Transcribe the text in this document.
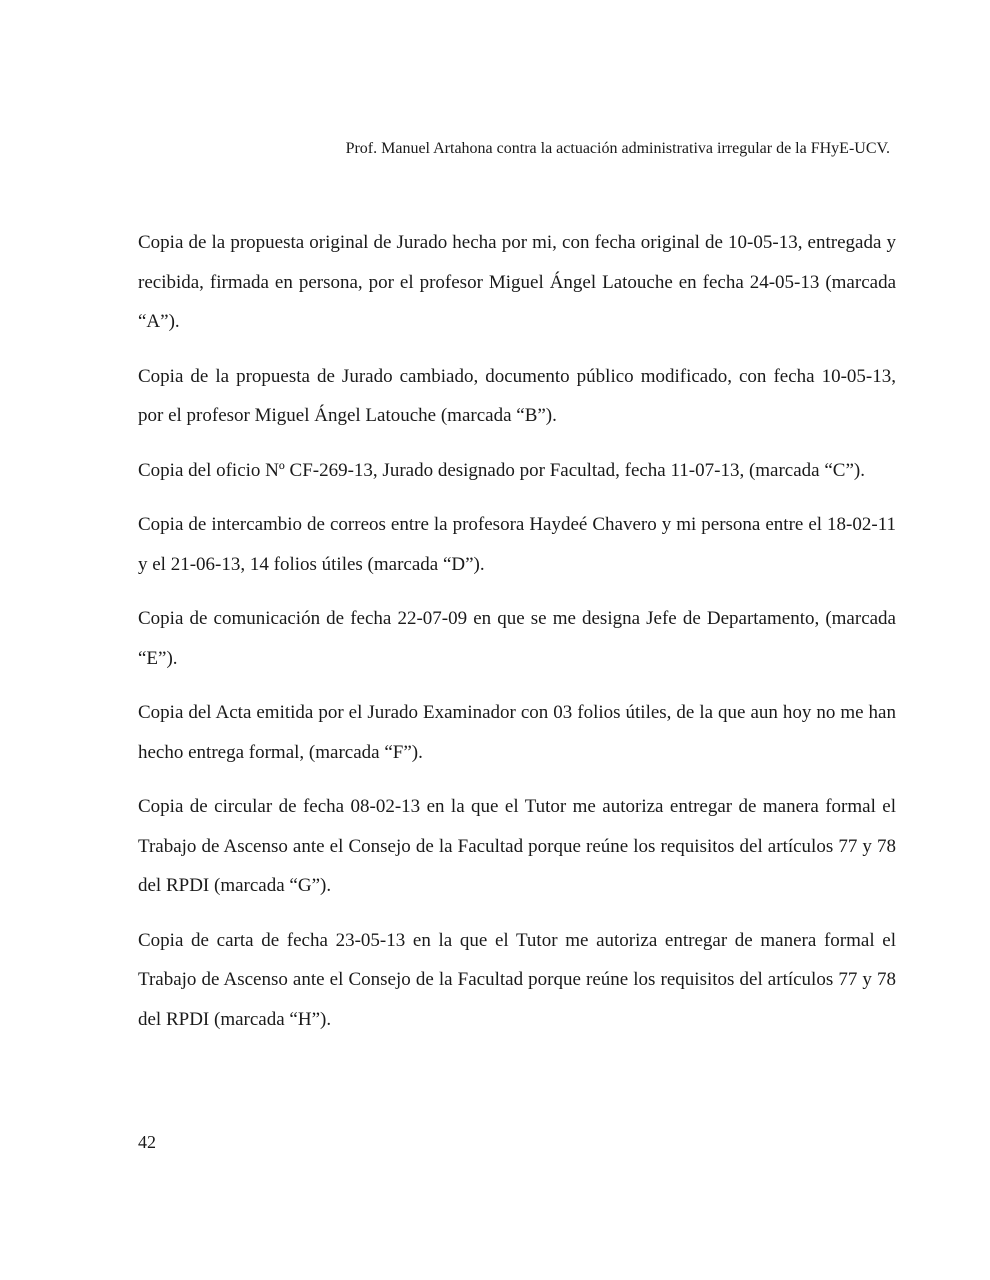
Prof. Manuel Artahona contra la actuación administrativa irregular de la FHyE-UCV.

Copia de la propuesta original de Jurado hecha por mi, con fecha original de 10-05-13, entregada y recibida, firmada en persona, por el profesor Miguel Ángel Latouche en fecha 24-05-13 (marcada “A”).

Copia de la propuesta de Jurado cambiado, documento público modificado, con fecha 10-05-13, por el profesor Miguel Ángel Latouche (marcada “B”).

Copia del oficio Nº CF-269-13, Jurado designado por Facultad, fecha 11-07-13, (marcada “C”).

Copia de intercambio de correos entre la profesora Haydeé Chavero y mi persona entre el 18-02-11 y el 21-06-13, 14 folios útiles (marcada “D”).

Copia de comunicación de fecha 22-07-09 en que se me designa Jefe de Departamento, (marcada “E”).

Copia del Acta emitida por el Jurado Examinador con 03 folios útiles, de la que aun hoy no me han hecho entrega formal, (marcada “F”).

Copia de circular de fecha 08-02-13 en la que el Tutor me autoriza entregar de manera formal el Trabajo de Ascenso ante el Consejo de la Facultad porque reúne los requisitos del artículos 77 y 78 del RPDI (marcada “G”).

Copia de carta de fecha 23-05-13 en la que el Tutor me autoriza entregar de manera formal el Trabajo de Ascenso ante el Consejo de la Facultad porque reúne los requisitos del artículos 77 y 78 del RPDI (marcada “H”).

42
